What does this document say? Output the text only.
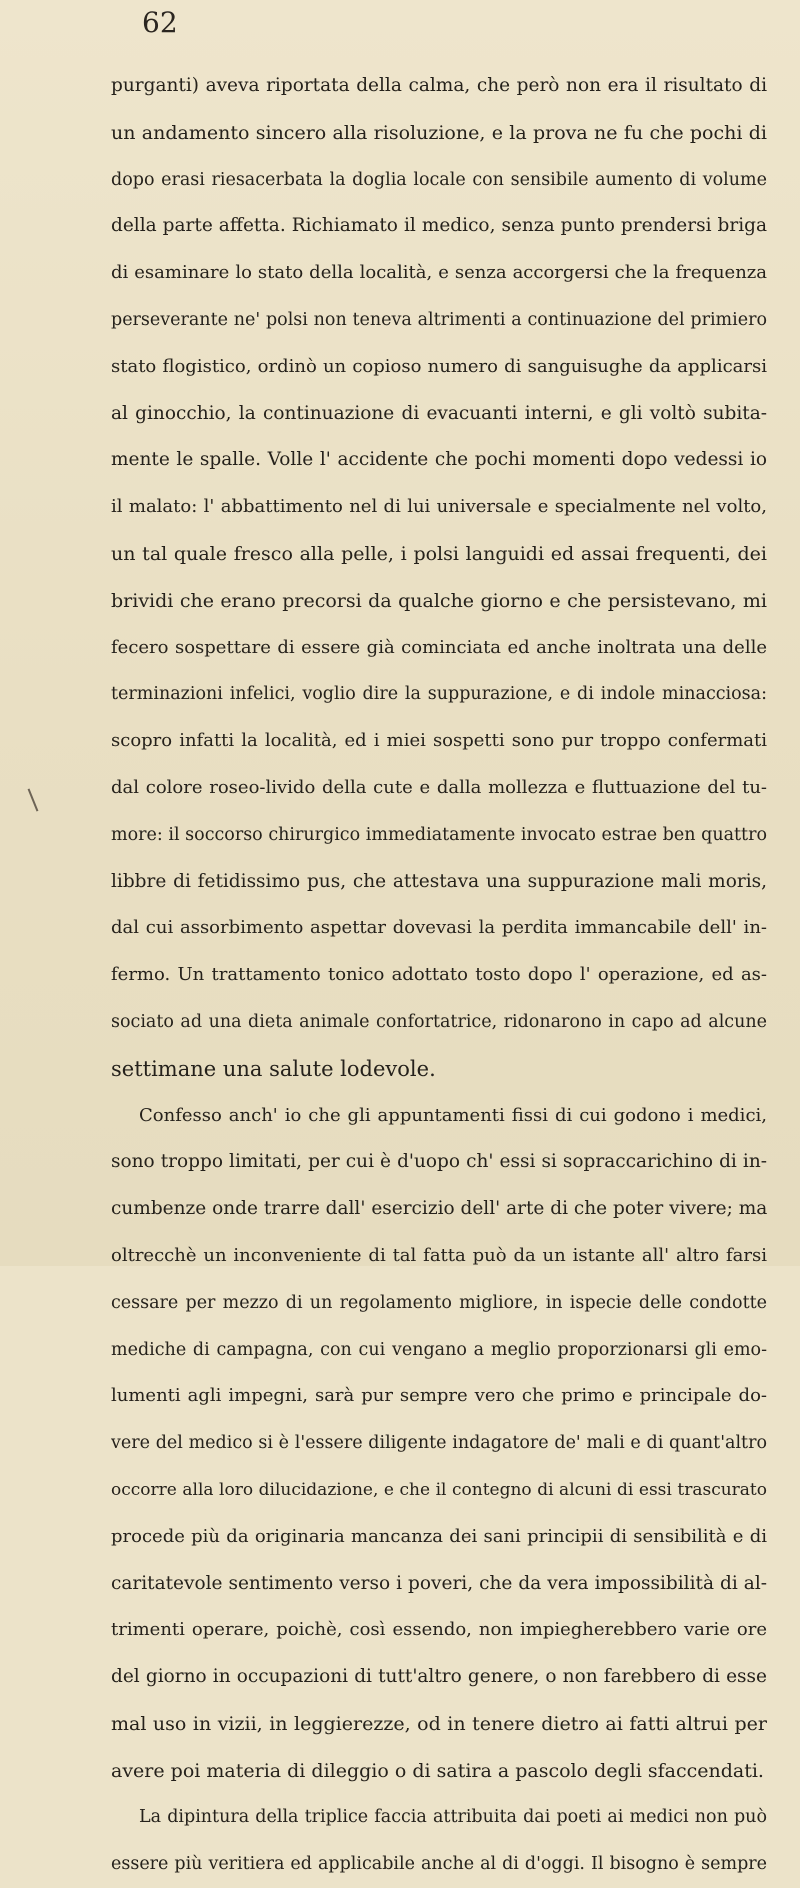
62

purganti) aveva riportata della calma, che però non era il risultato di
un andamento sincero alla risoluzione, e la prova ne fu che pochi di
dopo erasi riesacerbata la doglia locale con sensibile aumento di volume
della parte affetta. Richiamato il medico, senza punto prendersi briga
di esaminare lo stato della località, e senza accorgersi che la frequenza
perseverante ne' polsi non teneva altrimenti a continuazione del primiero
stato flogistico, ordinò un copioso numero di sanguisughe da applicarsi
al ginocchio, la continuazione di evacuanti interni, e gli voltò subita-
mente le spalle. Volle l' accidente che pochi momenti dopo vedessi io
il malato: l' abbattimento nel di lui universale e specialmente nel volto,
un tal quale fresco alla pelle, i polsi languidi ed assai frequenti, dei
brividi che erano precorsi da qualche giorno e che persistevano, mi
fecero sospettare di essere già cominciata ed anche inoltrata una delle
terminazioni infelici, voglio dire la suppurazione, e di indole minacciosa:
scopro infatti la località, ed i miei sospetti sono pur troppo confermati
dal colore roseo-livido della cute e dalla mollezza e fluttuazione del tu-
more: il soccorso chirurgico immediatamente invocato estrae ben quattro
libbre di fetidissimo pus, che attestava una suppurazione mali moris,
dal cui assorbimento aspettar dovevasi la perdita immancabile dell' in-
fermo. Un trattamento tonico adottato tosto dopo l' operazione, ed as-
sociato ad una dieta animale confortatrice, ridonarono in capo ad alcune
settimane una salute lodevole.
Confesso anch' io che gli appuntamenti fissi di cui godono i medici,
sono troppo limitati, per cui è d'uopo ch' essi si sopraccarichino di in-
cumbenze onde trarre dall' esercizio dell' arte di che poter vivere; ma
oltrecchè un inconveniente di tal fatta può da un istante all' altro farsi
cessare per mezzo di un regolamento migliore, in ispecie delle condotte
mediche di campagna, con cui vengano a meglio proporzionarsi gli emo-
lumenti agli impegni, sarà pur sempre vero che primo e principale do-
vere del medico si è l'essere diligente indagatore de' mali e di quant'altro
occorre alla loro dilucidazione, e che il contegno di alcuni di essi trascurato
procede più da originaria mancanza dei sani principii di sensibilità e di
caritatevole sentimento verso i poveri, che da vera impossibilità di al-
trimenti operare, poichè, così essendo, non impiegherebbero varie ore
del giorno in occupazioni di tutt'altro genere, o non farebbero di esse
mal uso in vizii, in leggierezze, od in tenere dietro ai fatti altrui per
avere poi materia di dileggio o di satira a pascolo degli sfaccendati.
La dipintura della triplice faccia attribuita dai poeti ai medici non può
essere più veritiera ed applicabile anche al di d'oggi. Il bisogno è sempre
